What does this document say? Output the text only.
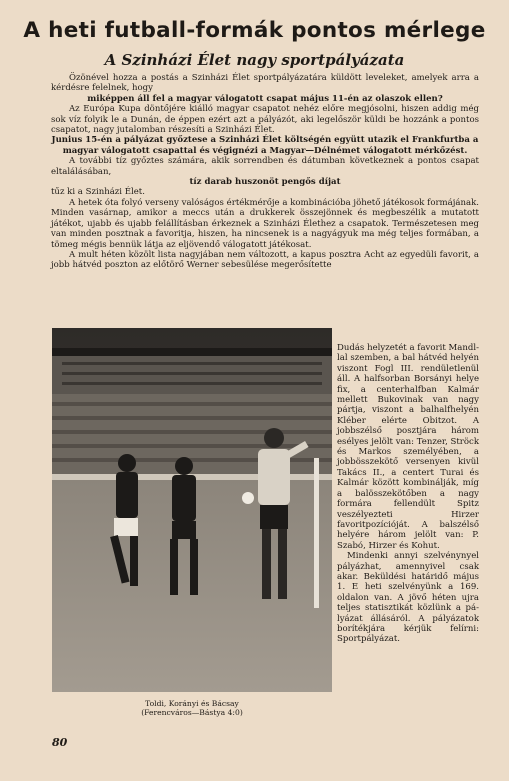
A heti futball-formák pontos mérlege
A Szinházi Élet nagy sportpályázata

Özönével hozza a postás a Szinházi Élet sportpályázatára küldött leveleket, amelyek arra a kérdésre felelnek, hogy

miképpen áll fel a magyar válogatott csapat május 11-én az olaszok ellen?

Az Európa Kupa döntőjére kiálló magyar csapatot nehéz előre megjósolni, hiszen addig még sok víz folyik le a Dunán, de éppen ezért azt a pályázót, aki legelőször küldi be hozzánk a pontos csapatot, nagy jutalomban részesíti a Szinházi Élet.

Junius 15-én a pályázat győztese a Szinházi Élet költségén együtt utazik el Frankfurtba a magyar válogatott csapattal és végignézi a Magyar—Délnémet válogatott mérkőzést.

A további tíz győztes számára, akik sorrendben és dátumban következnek a pontos csapat eltalálásában,

tíz darab huszonöt pengős díjat

tűz ki a Szinházi Élet.

A hetek óta folyó verseny valóságos értékmérője a kombinációba jöhető játékosok formájának. Minden vasárnap, amikor a meccs után a drukkerek összejönnek és megbeszélik a mutatott játékot, ujabb és ujabb felállításban érkeznek a Szinházi Élethez a csapatok. Természetesen meg van minden posztnak a favoritja, hiszen, ha nincsenek is a nagyágyuk ma még teljes formában, a tömeg mégis bennük látja az eljövendő válogatott játékosat.

A mult héten közölt lista nagyjában nem változott, a kapus posztra Acht az egyedüli favorit, a jobb hátvéd poszton az előtörő Werner sebesülése megerősítette

Toldi, Korányi és Bácsay
(Ferencváros—Bástya 4:0)

Dudás helyzetét a favorit Mandl-lal szemben, a bal hátvéd helyén viszont Fogl III. rendületlenül áll. A halfsorban Borsányi helye fix, a centerhalfban Kalmár mellett Bukovinak van nagy pártja, viszont a balhalfhelyén Kléber elérte Obitzot. A jobbszélső posztjára három esélyes jelölt van: Tenzer, Ströck és Markos személyében, a jobbösszekötő versenyen kivül Takács II., a centert Turai és Kalmár között kombinálják, míg a balösszekötőben a nagy formára fellendült Spitz veszélyezteti Hirzer favoritpozícióját. A balszélső helyére három jelölt van: P. Szabó, Hirzer és Kohut.

Mindenki annyi szelvénynyel pályázhat, amennyivel csak akar. Beküldési határidő május 1. E heti szelvényünk a 169. oldalon van. A jövő héten ujra teljes statisztikát közlünk a pályázat állásáról. A pályázatok borítékjára kérjük felírni: Sportpályázat.

80
